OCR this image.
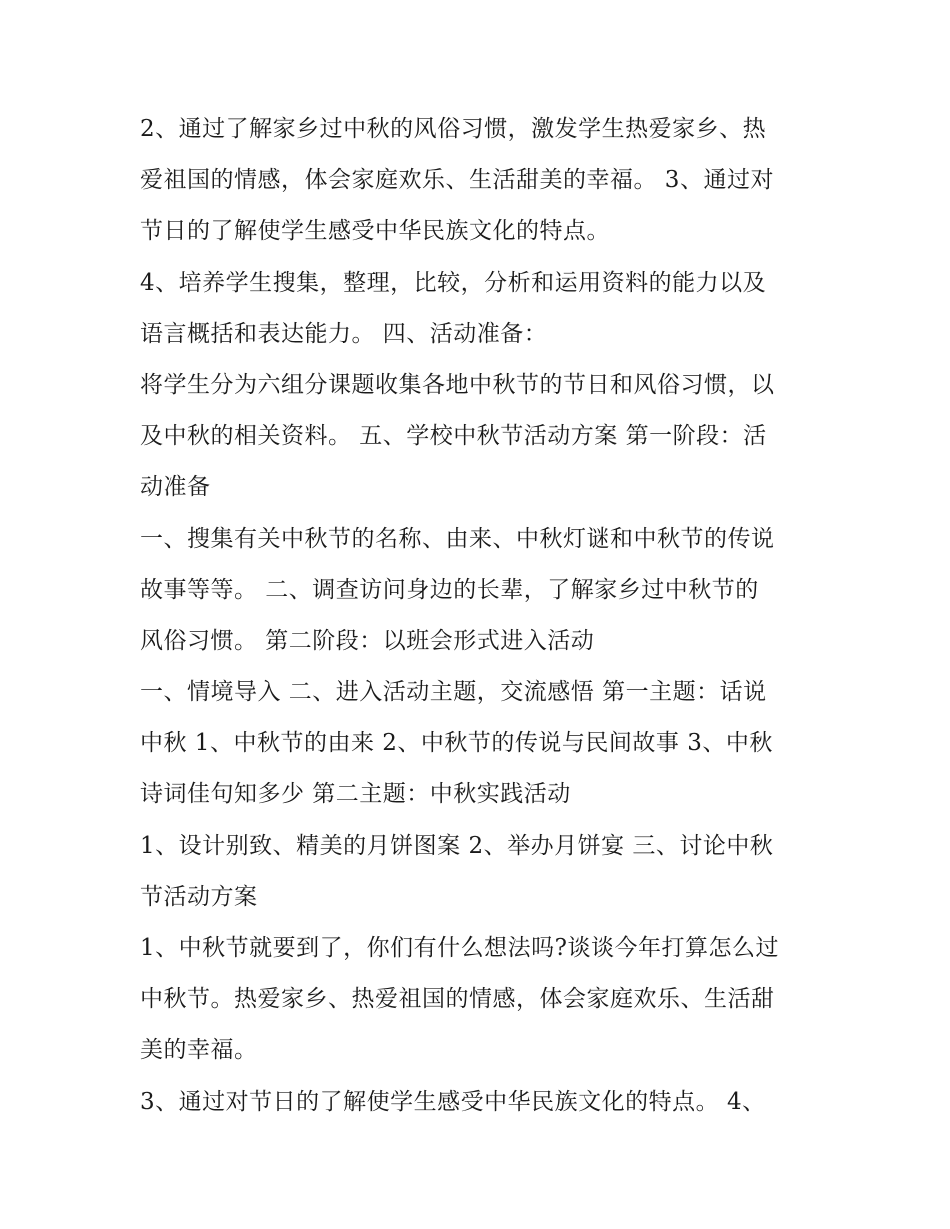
2、通过了解家乡过中秋的风俗习惯，激发学生热爱家乡、热
爱祖国的情感，体会家庭欢乐、生活甜美的幸福。 3、通过对
节日的了解使学生感受中华民族文化的特点。
4、培养学生搜集，整理，比较，分析和运用资料的能力以及
语言概括和表达能力。 四、活动准备：
将学生分为六组分课题收集各地中秋节的节日和风俗习惯，以
及中秋的相关资料。 五、学校中秋节活动方案 第一阶段：活
动准备
一、搜集有关中秋节的名称、由来、中秋灯谜和中秋节的传说
故事等等。 二、调查访问身边的长辈，了解家乡过中秋节的
风俗习惯。 第二阶段：以班会形式进入活动
一、情境导入 二、进入活动主题，交流感悟 第一主题：话说
中秋 1、中秋节的由来 2、中秋节的传说与民间故事 3、中秋
诗词佳句知多少 第二主题：中秋实践活动
1、设计别致、精美的月饼图案 2、举办月饼宴 三、讨论中秋
节活动方案
1、中秋节就要到了，你们有什么想法吗?谈谈今年打算怎么过
中秋节。热爱家乡、热爱祖国的情感，体会家庭欢乐、生活甜
美的幸福。
3、通过对节日的了解使学生感受中华民族文化的特点。 4、
